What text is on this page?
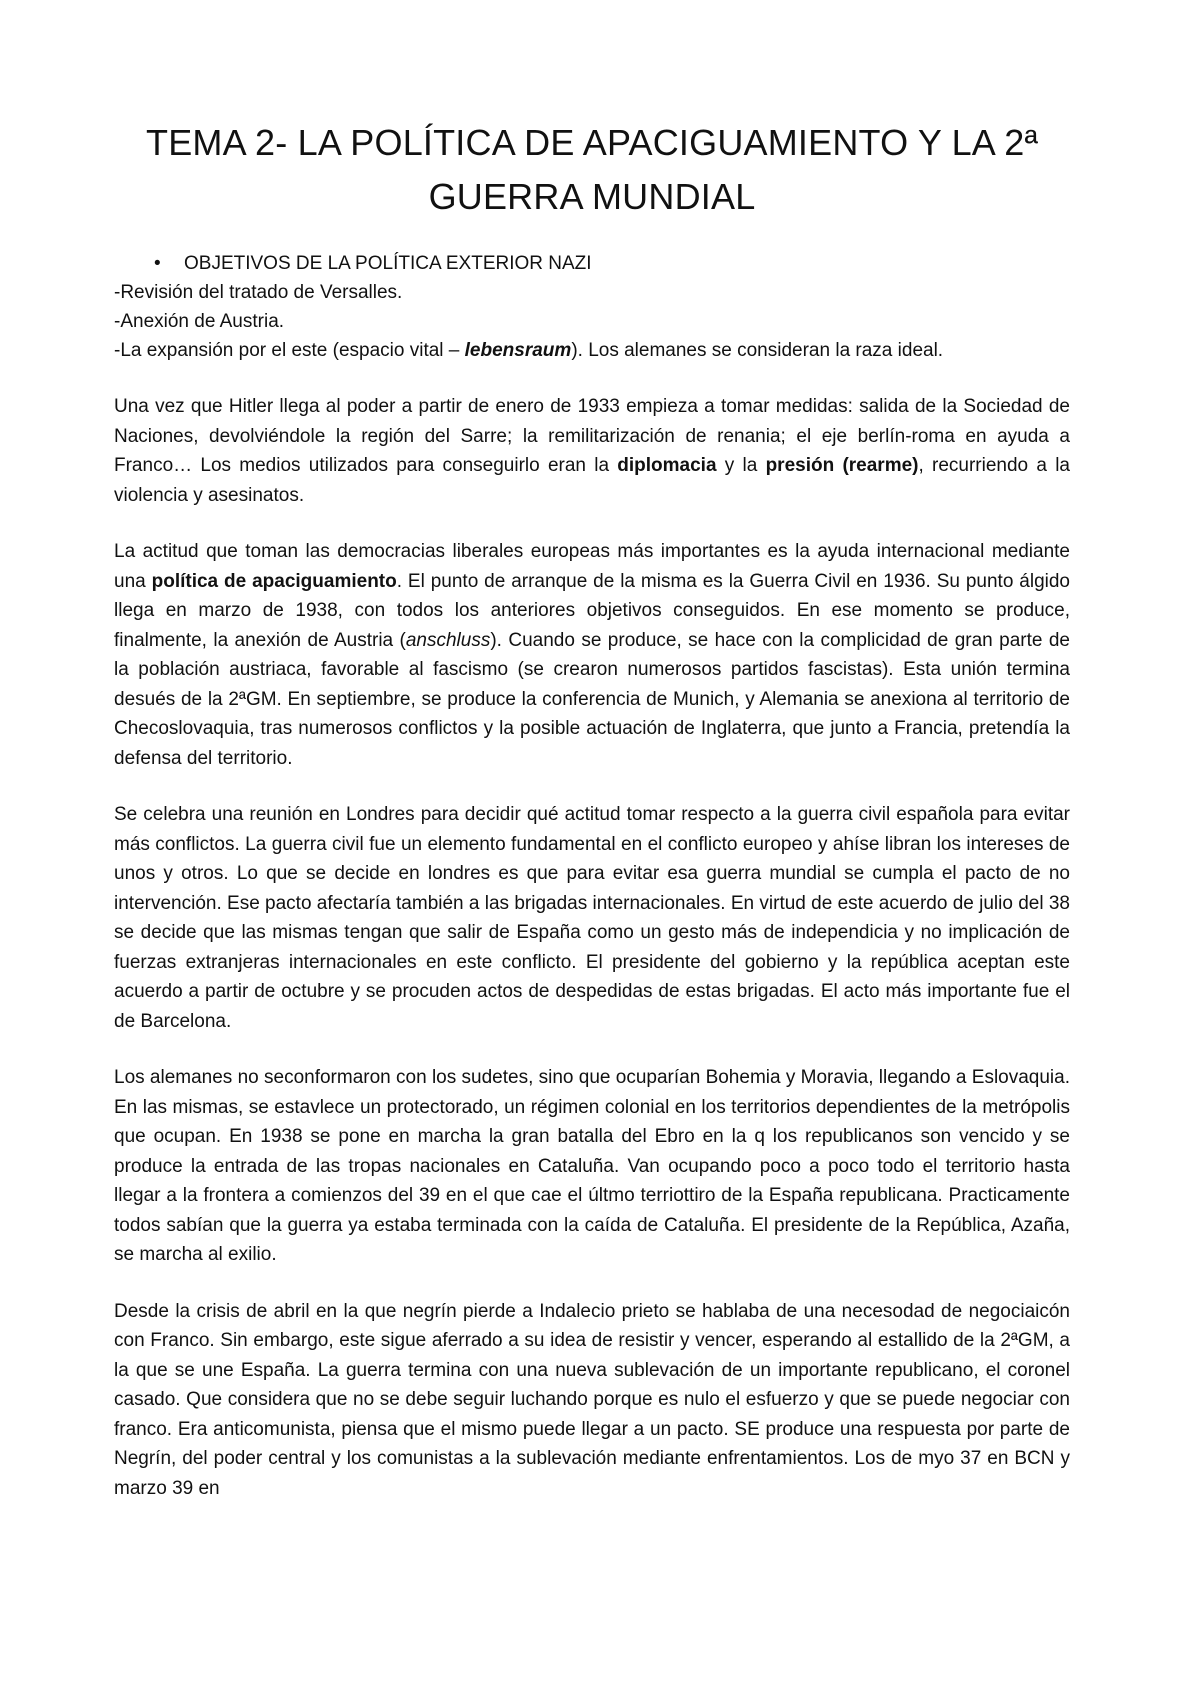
TEMA 2- LA POLÍTICA DE APACIGUAMIENTO Y LA 2ª
GUERRA MUNDIAL
• OBJETIVOS DE LA POLÍTICA EXTERIOR NAZI
-Revisión del tratado de Versalles.
-Anexión de Austria.
-La expansión por el este (espacio vital – lebensraum). Los alemanes se consideran la raza ideal.

Una vez que Hitler llega al poder a partir de enero de 1933 empieza a tomar medidas: salida de la Sociedad de Naciones, devolviéndole la región del Sarre; la remilitarización de renania; el eje berlín-roma en ayuda a Franco… Los medios utilizados para conseguirlo eran la diplomacia y la presión (rearme), recurriendo a la violencia y asesinatos.

La actitud que toman las democracias liberales europeas más importantes es la ayuda internacional mediante una política de apaciguamiento. El punto de arranque de la misma es la Guerra Civil en 1936. Su punto álgido llega en marzo de 1938, con todos los anteriores objetivos conseguidos. En ese momento se produce, finalmente, la anexión de Austria (anschluss). Cuando se produce, se hace con la complicidad de gran parte de la población austriaca, favorable al fascismo (se crearon numerosos partidos fascistas). Esta unión termina desués de la 2ªGM. En septiembre, se produce la conferencia de Munich, y Alemania se anexiona al territorio de Checoslovaquia, tras numerosos conflictos y la posible actuación de Inglaterra, que junto a Francia, pretendía la defensa del territorio.

Se celebra una reunión en Londres para decidir qué actitud tomar respecto a la guerra civil española para evitar más conflictos. La guerra civil fue un elemento fundamental en el conflicto europeo y ahíse libran los intereses de unos y otros. Lo que se decide en londres es que para evitar esa guerra mundial se cumpla el pacto de no intervención. Ese pacto afectaría también a las brigadas internacionales. En virtud de este acuerdo de julio del 38 se decide que las mismas tengan que salir de España como un gesto más de independicia y no implicación de fuerzas extranjeras internacionales en este conflicto. El presidente del gobierno y la república aceptan este acuerdo a partir de octubre y se procuden actos de despedidas de estas brigadas. El acto más importante fue el de Barcelona.

Los alemanes no seconformaron con los sudetes, sino que ocuparían Bohemia y Moravia, llegando a Eslovaquia. En las mismas, se estavlece un protectorado, un régimen colonial en los territorios dependientes de la metrópolis que ocupan. En 1938 se pone en marcha la gran batalla del Ebro en la q los republicanos son vencido y se produce la entrada de las tropas nacionales en Cataluña. Van ocupando poco a poco todo el territorio hasta llegar a la frontera a comienzos del 39 en el que cae el últmo terriottiro de la España republicana. Practicamente todos sabían que la guerra ya estaba terminada con la caída de Cataluña. El presidente de la República, Azaña, se marcha al exilio.

Desde la crisis de abril en la que negrín pierde a Indalecio prieto se hablaba de una necesodad de negociaicón con Franco. Sin embargo, este sigue aferrado a su idea de resistir y vencer, esperando al estallido de la 2ªGM, a la que se une España. La guerra termina con una nueva sublevación de un importante republicano, el coronel casado. Que considera que no se debe seguir luchando porque es nulo el esfuerzo y que se puede negociar con franco. Era anticomunista, piensa que el mismo puede llegar a un pacto. SE produce una respuesta por parte de Negrín, del poder central y los comunistas a la sublevación mediante enfrentamientos. Los de myo 37 en BCN y marzo 39 en
